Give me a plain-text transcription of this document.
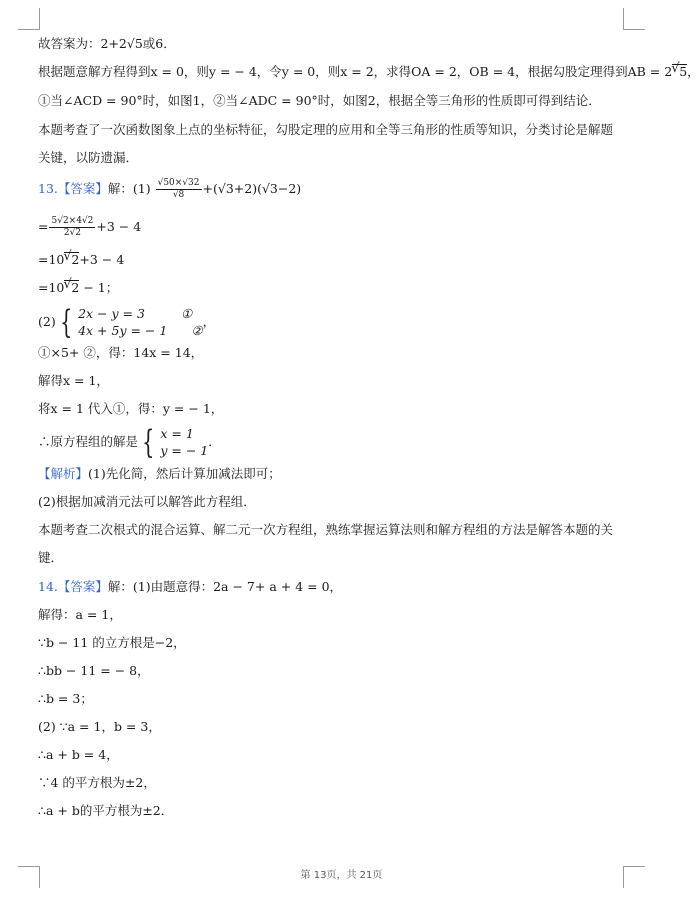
故答案为：2+2√5或6．
根据题意解方程得到x = 0，则y = − 4，令y = 0，则x = 2，求得OA = 2，OB = 4，根据勾股定理得到AB = 2 √ 5，
①当∠ACD = 90°时，如图1，②当∠ADC = 90°时，如图2，根据全等三角形的性质即可得到结论．
本题考查了一次函数图象上点的坐标特征，勾股定理的应用和全等三角形的性质等知识，分类讨论是解题
关键，以防遗漏．
13.【答案】解：$(1) \frac{√50\times√32}{√8} +(√3+2)(√3-2)$
= $\frac{5√2\times 4√2}{2√2} +3 - 4$
=10 √ 2+3 − 4
=10 √ 2 − 1；
(2) { 2x − y = 3	①
4x + 5y = − 1 ②
，
①×5+ ②，得：14x = 14，
解得x = 1，
将x = 1 代入①，得：y = − 1，
∴原方程组的解是 { x = 1
y = − 1
．
【解析】(1)先化简，然后计算加减法即可；
(2)根据加减消元法可以解答此方程组．
本题考查二次根式的混合运算、解二元一次方程组，熟练掌握运算法则和解方程组的方法是解答本题的关
键．
14.【答案】解：(1)由题意得：2a − 7+ a + 4 = 0，
解得：a = 1，
∵b − 11 的立方根是−2，
∴bb − 11 = − 8，
∴b = 3；
(2) ∵a = 1，b = 3，
∴a + b = 4，
∵4 的平方根为±2，
∴a + b的平方根为±2．
第 13页，共 21页
